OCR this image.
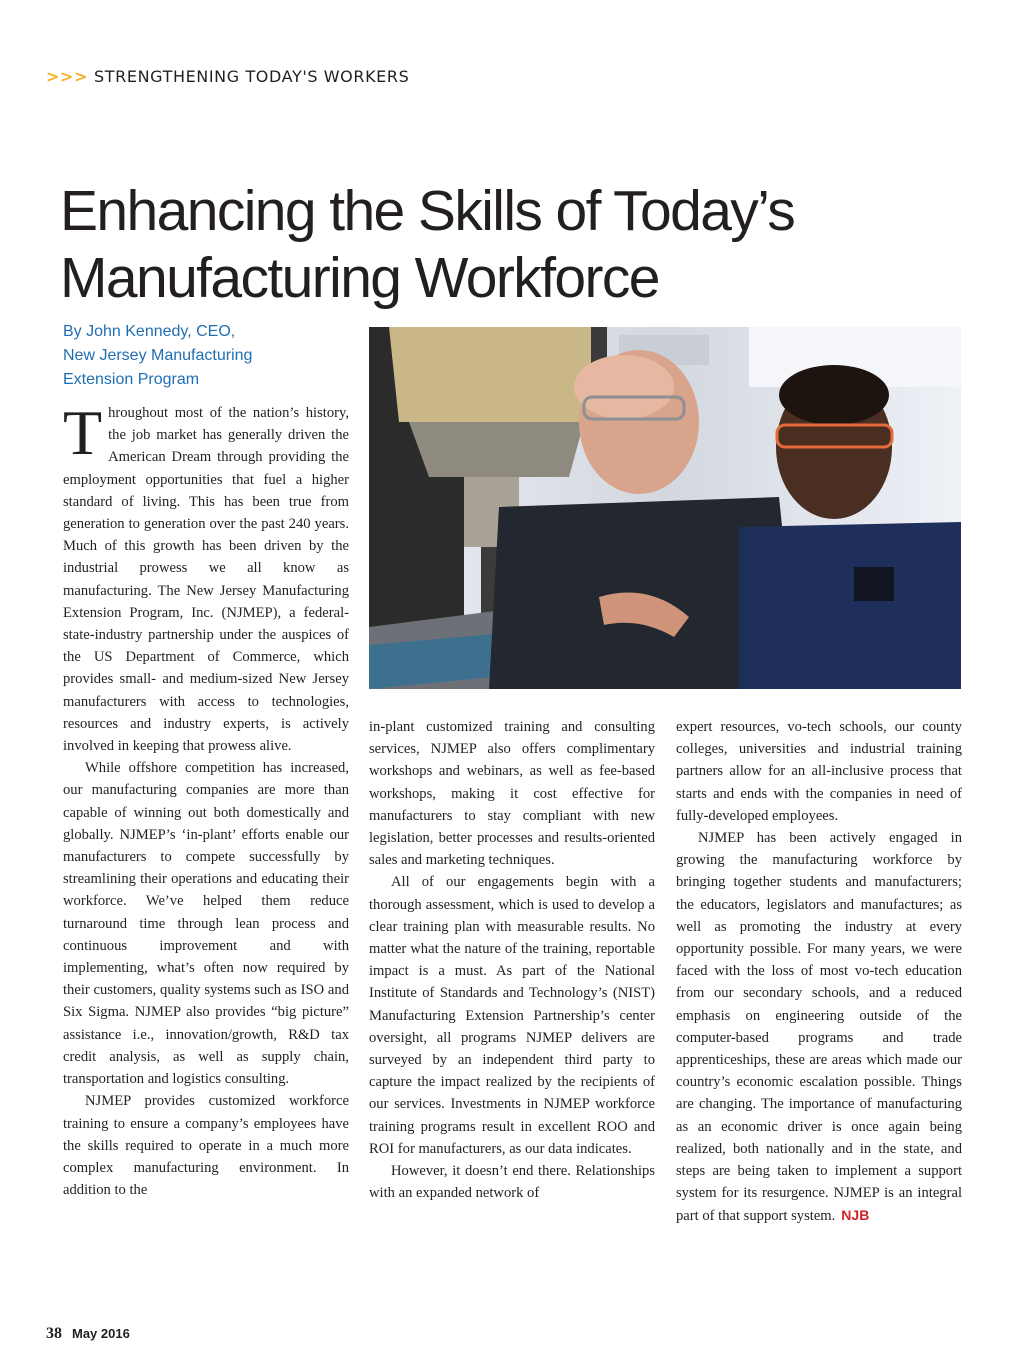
>>> STRENGTHENING TODAY'S WORKERS
Enhancing the Skills of Today’s
Manufacturing Workforce
By John Kennedy, CEO,
New Jersey Manufacturing
Extension Program

Throughout most of the nation’s history, the job market has generally driven the American Dream through providing the employment opportunities that fuel a higher standard of living. This has been true from generation to generation over the past 240 years. Much of this growth has been driven by the industrial prowess we all know as manufacturing. The New Jersey Manufacturing Extension Program, Inc. (NJMEP), a federal-state-industry partnership under the auspices of the US Department of Commerce, which provides small- and medium-sized New Jersey manufacturers with access to technologies, resources and industry experts, is actively involved in keeping that prowess alive.

While offshore competition has increased, our manufacturing companies are more than capable of winning out both domestically and globally. NJMEP’s ‘in-plant’ efforts enable our manufacturers to compete successfully by streamlining their operations and educating their workforce. We’ve helped them reduce turnaround time through lean process and continuous improvement and with implementing, what’s often now required by their customers, quality systems such as ISO and Six Sigma. NJMEP also provides “big picture” assistance i.e., innovation/growth, R&D tax credit analysis, as well as supply chain, transportation and logistics consulting.

NJMEP provides customized workforce training to ensure a company’s employees have the skills required to operate in a much more complex manufacturing environment. In addition to the

in-plant customized training and consulting services, NJMEP also offers complimentary workshops and webinars, as well as fee-based workshops, making it cost effective for manufacturers to stay compliant with new legislation, better processes and results-oriented sales and marketing techniques.

All of our engagements begin with a thorough assessment, which is used to develop a clear training plan with measurable results. No matter what the nature of the training, reportable impact is a must. As part of the National Institute of Standards and Technology’s (NIST) Manufacturing Extension Partnership’s center oversight, all programs NJMEP delivers are surveyed by an independent third party to capture the impact realized by the recipients of our services. Investments in NJMEP workforce training programs result in excellent ROO and ROI for manufacturers, as our data indicates.

However, it doesn’t end there. Relationships with an expanded network of

expert resources, vo-tech schools, our county colleges, universities and industrial training partners allow for an all-inclusive process that starts and ends with the companies in need of fully-developed employees.

NJMEP has been actively engaged in growing the manufacturing workforce by bringing together students and manufacturers; the educators, legislators and manufactures; as well as promoting the industry at every opportunity possible. For many years, we were faced with the loss of most vo-tech education from our secondary schools, and a reduced emphasis on engineering outside of the computer-based programs and trade apprenticeships, these are areas which made our country’s economic escalation possible. Things are changing. The importance of manufacturing as an economic driver is once again being realized, both nationally and in the state, and steps are being taken to implement a support system for its resurgence. NJMEP is an integral part of that support system. NJB

38 May 2016
